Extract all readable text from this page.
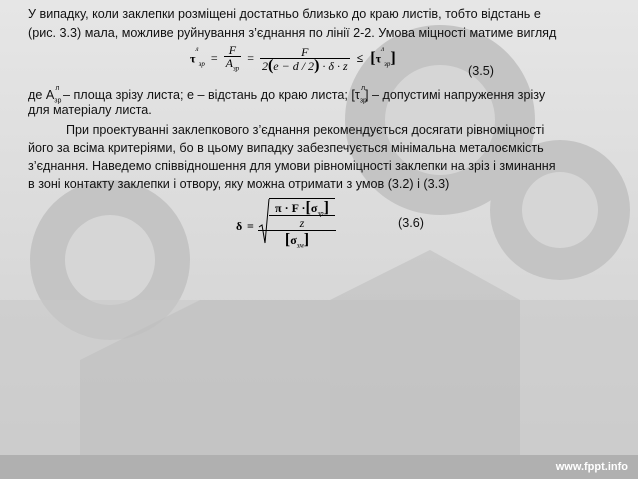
У випадку, коли заклепки розміщені достатньо близько до краю листів, тобто відстань e
(рис. 3.3) мала, можливе руйнування з’єднання по лінії 2-2. Умова міцності матиме вигляд
$\tau^л_{зр} = \frac{F}{A_{зр}} = \frac{F}{2(e - d / 2) \cdot \delta \cdot z} \le [\tau^л_{зр}]$
(3.5)
де $A_{зр}^л$ – площа зрізу листа; e – відстань до краю листа; $[\tau_{зр}^л]$ – допустимі напруження зрізу
для матеріалу листа.
При проектуванні заклепкового з’єднання рекомендується досягати рівноміцності
його за всіма критеріями, бо в цьому випадку забезпечується мінімальна металоємкість
з’єднання. Наведемо співвідношення для умови рівноміцності заклепки на зріз і зминання
в зоні контакту заклепки і отвору, яку можна отримати з умов (3.2) і (3.3)
δ =
$\pi \cdot F \cdot[\sigma_{зр}]$
z
$[\sigma_{зм}]$
(3.6)
www.fppt.info
